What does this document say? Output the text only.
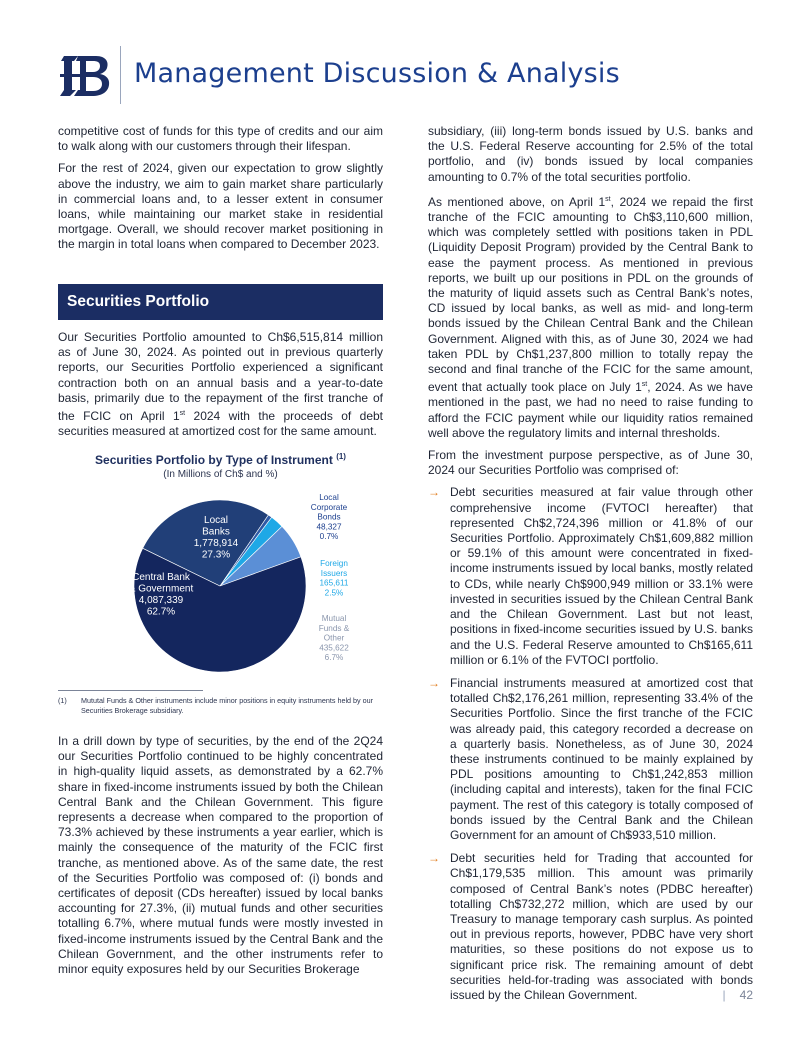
Management Discussion & Analysis

competitive cost of funds for this type of credits and our aim to walk along with our customers through their lifespan.

For the rest of 2024, given our expectation to grow slightly above the industry, we aim to gain market share particularly in commercial loans and, to a lesser extent in consumer loans, while maintaining our market stake in residential mortgage. Overall, we should recover market positioning in the margin in total loans when compared to December 2023.

Securities Portfolio

Our Securities Portfolio amounted to Ch$6,515,814 million as of June 30, 2024. As pointed out in previous quarterly reports, our Securities Portfolio experienced a significant contraction both on an annual basis and a year-to-date basis, primarily due to the repayment of the first tranche of the FCIC on April 1st 2024 with the proceeds of debt securities measured at amortized cost for the same amount.

Securities Portfolio by Type of Instrument $^{(1)}$
(In Millions of Ch$ and %)
Central Bank & Government 4,087,339 62.7%
Local Banks 1,778,914 27.3%
Local Corporate Bonds 48,327 0.7%
Foreign Issuers 165,611 2.5%
Mutual Funds & Other 435,622 6.7%
(1) Mututal Funds & Other instruments include minor positions in equity instruments held by our Securities Brokerage subsidiary.

In a drill down by type of securities, by the end of the 2Q24 our Securities Portfolio continued to be highly concentrated in high-quality liquid assets, as demonstrated by a 62.7% share in fixed-income instruments issued by both the Chilean Central Bank and the Chilean Government. This figure represents a decrease when compared to the proportion of 73.3% achieved by these instruments a year earlier, which is mainly the consequence of the maturity of the FCIC first tranche, as mentioned above. As of the same date, the rest of the Securities Portfolio was composed of: (i) bonds and certificates of deposit (CDs hereafter) issued by local banks accounting for 27.3%, (ii) mutual funds and other securities totalling 6.7%, where mutual funds were mostly invested in fixed-income instruments issued by the Central Bank and the Chilean Government, and the other instruments refer to minor equity exposures held by our Securities Brokerage

subsidiary, (iii) long-term bonds issued by U.S. banks and the U.S. Federal Reserve accounting for 2.5% of the total portfolio, and (iv) bonds issued by local companies amounting to 0.7% of the total securities portfolio.

As mentioned above, on April 1st, 2024 we repaid the first tranche of the FCIC amounting to Ch$3,110,600 million, which was completely settled with positions taken in PDL (Liquidity Deposit Program) provided by the Central Bank to ease the payment process. As mentioned in previous reports, we built up our positions in PDL on the grounds of the maturity of liquid assets such as Central Bank’s notes, CD issued by local banks, as well as mid- and long-term bonds issued by the Chilean Central Bank and the Chilean Government. Aligned with this, as of June 30, 2024 we had taken PDL by Ch$1,237,800 million to totally repay the second and final tranche of the FCIC for the same amount, event that actually took place on July 1st, 2024. As we have mentioned in the past, we had no need to raise funding to afford the FCIC payment while our liquidity ratios remained well above the regulatory limits and internal thresholds.

From the investment purpose perspective, as of June 30, 2024 our Securities Portfolio was comprised of:

→ Debt securities measured at fair value through other comprehensive income (FVTOCI hereafter) that represented Ch$2,724,396 million or 41.8% of our Securities Portfolio. Approximately Ch$1,609,882 million or 59.1% of this amount were concentrated in fixed-income instruments issued by local banks, mostly related to CDs, while nearly Ch$900,949 million or 33.1% were invested in securities issued by the Chilean Central Bank and the Chilean Government. Last but not least, positions in fixed-income securities issued by U.S. banks and the U.S. Federal Reserve amounted to Ch$165,611 million or 6.1% of the FVTOCI portfolio.
→ Financial instruments measured at amortized cost that totalled Ch$2,176,261 million, representing 33.4% of the Securities Portfolio. Since the first tranche of the FCIC was already paid, this category recorded a decrease on a quarterly basis. Nonetheless, as of June 30, 2024 these instruments continued to be mainly explained by PDL positions amounting to Ch$1,242,853 million (including capital and interests), taken for the final FCIC payment. The rest of this category is totally composed of bonds issued by the Central Bank and the Chilean Government for an amount of Ch$933,510 million.
→ Debt securities held for Trading that accounted for Ch$1,179,535 million. This amount was primarily composed of Central Bank’s notes (PDBC hereafter) totalling Ch$732,272 million, which are used by our Treasury to manage temporary cash surplus. As pointed out in previous reports, however, PDBC have very short maturities, so these positions do not expose us to significant price risk. The remaining amount of debt securities held-for-trading was associated with bonds issued by the Chilean Government.	| 42
